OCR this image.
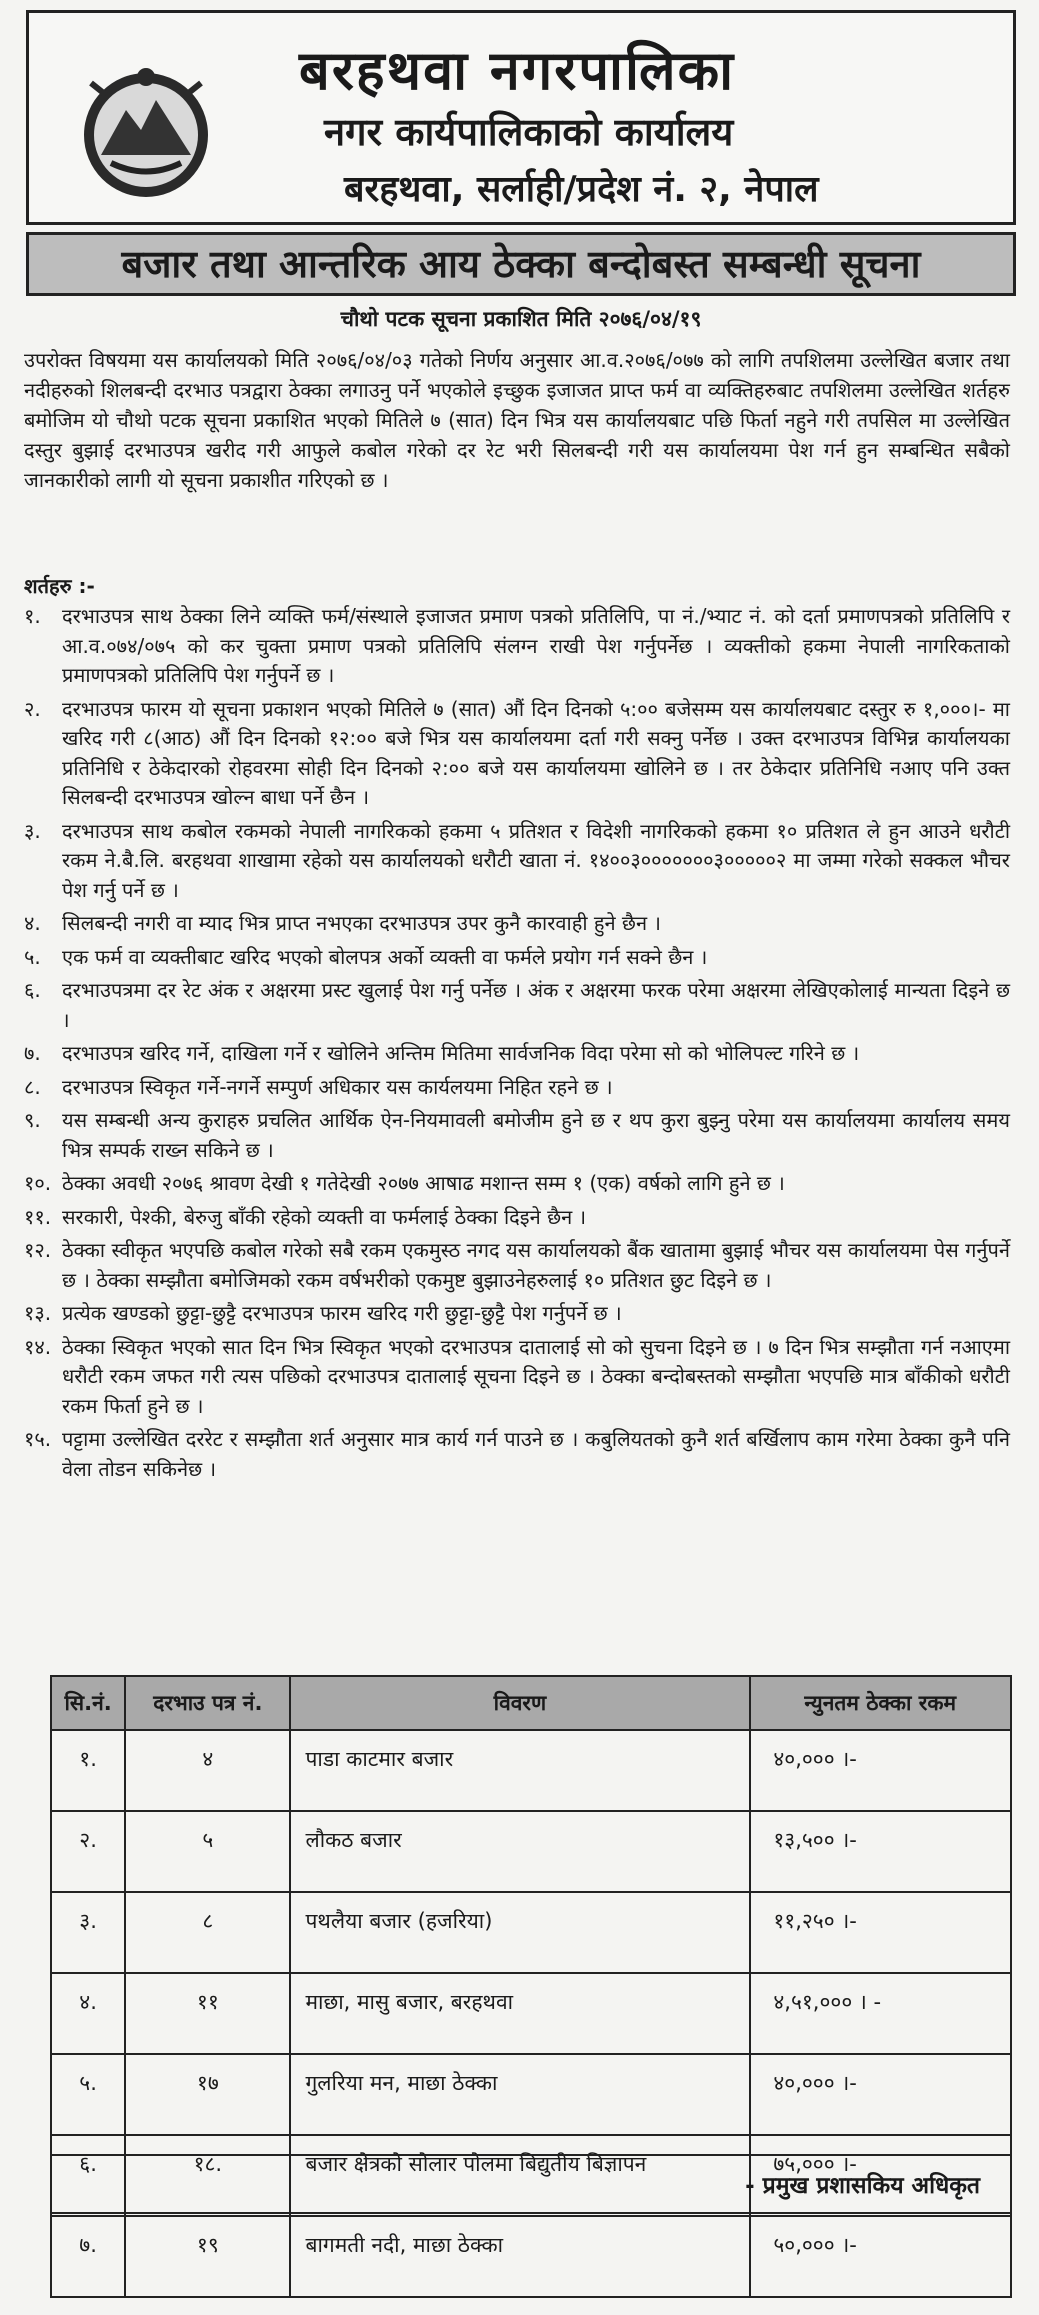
बरहथवा नगरपालिका
नगर कार्यपालिकाको कार्यालय
बरहथवा, सर्लाही/प्रदेश नं. २, नेपाल
बजार तथा आन्तरिक आय ठेक्का बन्दोबस्त सम्बन्धी सूचना
चौथो पटक सूचना प्रकाशित मिति २०७६/०४/१९
उपरोक्त विषयमा यस कार्यालयको मिति २०७६/०४/०३ गतेको निर्णय अनुसार आ.व.२०७६/०७७ को लागि तपशिलमा उल्लेखित बजार तथा नदीहरुको शिलबन्दी दरभाउ पत्रद्वारा ठेक्का लगाउनु पर्ने भएकोले इच्छुक इजाजत प्राप्त फर्म वा व्यक्तिहरुबाट तपशिलमा उल्लेखित शर्तहरु बमोजिम यो चौथो पटक सूचना प्रकाशित भएको मितिले ७ (सात) दिन भित्र यस कार्यालयबाट पछि फिर्ता नहुने गरी तपसिल मा उल्लेखित दस्तुर बुझाई दरभाउपत्र खरीद गरी आफुले कबोल गरेको दर रेट भरी सिलबन्दी गरी यस कार्यालयमा पेश गर्न हुन सम्बन्धित सबैको जानकारीको लागी यो सूचना प्रकाशीत गरिएको छ ।
शर्तहरु :-
१.	दरभाउपत्र साथ ठेक्का लिने व्यक्ति फर्म/संस्थाले इजाजत प्रमाण पत्रको प्रतिलिपि, पा नं./भ्याट नं. को दर्ता प्रमाणपत्रको प्रतिलिपि र आ.व.०७४/०७५ को कर चुक्ता प्रमाण पत्रको प्रतिलिपि संलग्न राखी पेश गर्नुपर्नेछ । व्यक्तीको हकमा नेपाली नागरिकताको प्रमाणपत्रको प्रतिलिपि पेश गर्नुपर्ने छ ।
२.	दरभाउपत्र फारम यो सूचना प्रकाशन भएको मितिले ७ (सात) औं दिन दिनको ५:०० बजेसम्म यस कार्यालयबाट दस्तुर रु १,०००।- मा खरिद गरी ८(आठ) औं दिन दिनको १२:०० बजे भित्र यस कार्यालयमा दर्ता गरी सक्नु पर्नेछ । उक्त दरभाउपत्र विभिन्न कार्यालयका प्रतिनिधि र ठेकेदारको रोहवरमा सोही दिन दिनको २:०० बजे यस कार्यालयमा खोलिने छ । तर ठेकेदार प्रतिनिधि नआए पनि उक्त सिलबन्दी दरभाउपत्र खोल्न बाधा पर्ने छैन ।
३.	दरभाउपत्र साथ कबोल रकमको नेपाली नागरिकको हकमा ५ प्रतिशत र विदेशी नागरिकको हकमा १० प्रतिशत ले हुन आउने धरौटी रकम ने.बै.लि. बरहथवा शाखामा रहेको यस कार्यालयको धरौटी खाता नं. १४००३०००००००३०००००२ मा जम्मा गरेको सक्कल भौचर पेश गर्नु पर्ने छ ।
४.	सिलबन्दी नगरी वा म्याद भित्र प्राप्त नभएका दरभाउपत्र उपर कुनै कारवाही हुने छैन ।
५.	एक फर्म वा व्यक्तीबाट खरिद भएको बोलपत्र अर्को व्यक्ती वा फर्मले प्रयोग गर्न सक्ने छैन ।
६.	दरभाउपत्रमा दर रेट अंक र अक्षरमा प्रस्ट खुलाई पेश गर्नु पर्नेछ । अंक र अक्षरमा फरक परेमा अक्षरमा लेखिएकोलाई मान्यता दिइने छ ।
७.	दरभाउपत्र खरिद गर्ने, दाखिला गर्ने र खोलिने अन्तिम मितिमा सार्वजनिक विदा परेमा सो को भोलिपल्ट गरिने छ ।
८.	दरभाउपत्र स्विकृत गर्ने-नगर्ने सम्पुर्ण अधिकार यस कार्यलयमा निहित रहने छ ।
९.	यस सम्बन्धी अन्य कुराहरु प्रचलित आर्थिक ऐन-नियमावली बमोजीम हुने छ र थप कुरा बुझ्नु परेमा यस कार्यालयमा कार्यालय समय भित्र सम्पर्क राख्न सकिने छ ।
१०. ठेक्का अवधी २०७६ श्रावण देखी १ गतेदेखी २०७७ आषाढ मशान्त सम्म १ (एक) वर्षको लागि हुने छ ।
११. सरकारी, पेश्की, बेरुजु बाँकी रहेको व्यक्ती वा फर्मलाई ठेक्का दिइने छैन ।
१२. ठेक्का स्वीकृत भएपछि कबोल गरेको सबै रकम एकमुस्ठ नगद यस कार्यालयको बैंक खातामा बुझाई भौचर यस कार्यालयमा पेस गर्नुपर्ने छ । ठेक्का सम्झौता बमोजिमको रकम वर्षभरीको एकमुष्ट बुझाउनेहरुलाई १० प्रतिशत छुट दिइने छ ।
१३. प्रत्येक खण्डको छुट्टा-छुट्टै दरभाउपत्र फारम खरिद गरी छुट्टा-छुट्टै पेश गर्नुपर्ने छ ।
१४. ठेक्का स्विकृत भएको सात दिन भित्र स्विकृत भएको दरभाउपत्र दातालाई सो को सुचना दिइने छ । ७ दिन भित्र सम्झौता गर्न नआएमा धरौटी रकम जफत गरी त्यस पछिको दरभाउपत्र दातालाई सूचना दिइने छ । ठेक्का बन्दोबस्तको सम्झौता भएपछि मात्र बाँकीको धरौटी रकम फिर्ता हुने छ ।
१५. पट्टामा उल्लेखित दररेट र सम्झौता शर्त अनुसार मात्र कार्य गर्न पाउने छ । कबुलियतको कुनै शर्त बर्खिलाप काम गरेमा ठेक्का कुनै पनि वेला तोडन सकिनेछ ।
सि.नं.	दरभाउ पत्र नं.	विवरण	न्युनतम ठेक्का रकम
१.	४	पाडा काटमार बजार	४०,००० ।-
२.	५	लौकठ बजार	१३,५०० ।-
३.	८	पथलैया बजार (हजरिया)	११,२५० ।-
४.	११	माछा, मासु बजार, बरहथवा	४,५१,००० । -
५.	१७	गुलरिया मन, माछा ठेक्का	४०,००० ।-
६.	१८.	बजार क्षेत्रको सोलार पोलमा बिद्युतीय बिज्ञापन	७५,००० ।-
७.	१९	बागमती नदी, माछा ठेक्का	५०,००० ।-
- प्रमुख प्रशासकिय अधिकृत
